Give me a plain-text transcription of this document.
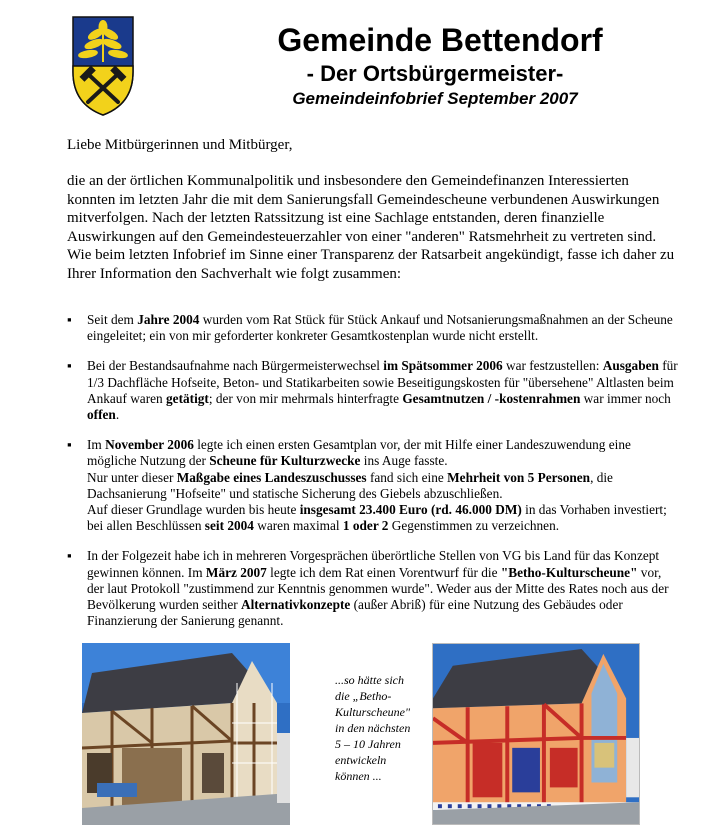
Gemeinde Bettendorf
- Der Ortsbürgermeister-
Gemeindeinfobrief September 2007
Liebe Mitbürgerinnen und Mitbürger,

die an der örtlichen Kommunalpolitik und insbesondere den Gemeindefinanzen Interessierten konnten im letzten Jahr die mit dem Sanierungsfall Gemeindescheune verbundenen Auswirkungen mitverfolgen. Nach der letzten Ratssitzung ist eine Sachlage entstanden, deren finanzielle Auswirkungen auf den Gemeindesteuerzahler von einer "anderen" Ratsmehrheit zu vertreten sind.

Wie beim letzten Infobrief im Sinne einer Transparenz der Ratsarbeit angekündigt, fasse ich daher zu Ihrer Information den Sachverhalt wie folgt zusammen:

▪	Seit dem Jahre 2004 wurden vom Rat Stück für Stück Ankauf und Notsanierungsmaßnahmen an der Scheune eingeleitet; ein von mir geforderter konkreter Gesamtkostenplan wurde nicht erstellt.

▪	Bei der Bestandsaufnahme nach Bürgermeisterwechsel im Spätsommer 2006 war festzustellen: Ausgaben für 1/3 Dachfläche Hofseite, Beton- und Statikarbeiten sowie Beseitigungskosten für "übersehene" Altlasten beim Ankauf waren getätigt; der von mir mehrmals hinterfragte Gesamtnutzen / -kostenrahmen war immer noch offen.

▪	Im November 2006 legte ich einen ersten Gesamtplan vor, der mit Hilfe einer Landeszuwendung eine mögliche Nutzung der Scheune für Kulturzwecke ins Auge fasste.
Nur unter dieser Maßgabe eines Landeszuschusses fand sich eine Mehrheit von 5 Personen, die Dachsanierung "Hofseite" und statische Sicherung des Giebels abzuschließen.
Auf dieser Grundlage wurden bis heute insgesamt 23.400 Euro (rd. 46.000 DM) in das Vorhaben investiert; bei allen Beschlüssen seit 2004 waren maximal 1 oder 2 Gegenstimmen zu verzeichnen.

▪	In der Folgezeit habe ich in mehreren Vorgesprächen überörtliche Stellen von VG bis Land für das Konzept gewinnen können. Im März 2007 legte ich dem Rat einen Vorentwurf für die "Betho-Kulturscheune" vor, der laut Protokoll "zustimmend zur Kenntnis genommen wurde". Weder aus der Mitte des Rates noch aus der Bevölkerung wurden seither Alternativkonzepte (außer Abriß) für eine Nutzung des Gebäudes oder Finanzierung der Sanierung genannt.

...so hätte sich
die „Betho-
Kulturscheune"
in den nächsten
5 – 10 Jahren
entwickeln
können ...
